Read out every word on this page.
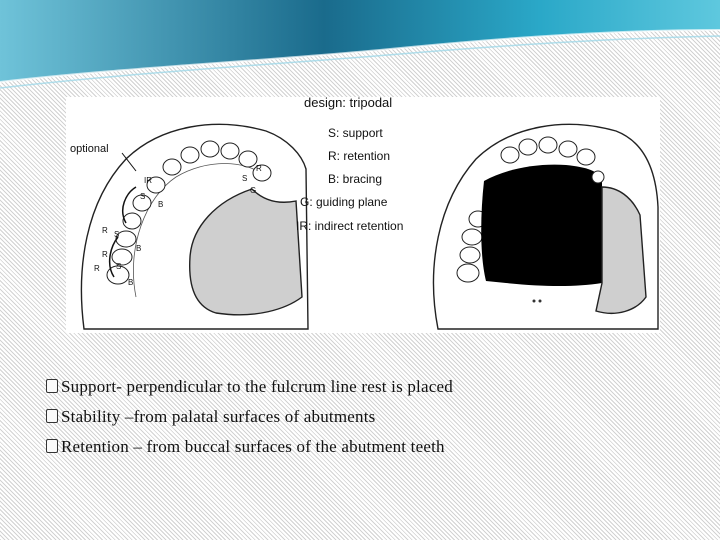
R
IR
S
B
R
G
S
R
S
B
R S
B
optional
design: tripodal
S: support
R: retention
B: bracing
G: guiding plane
IR: indirect retention
Support- perpendicular to the fulcrum line rest is placed
Stability –from palatal surfaces of abutments
Retention – from buccal surfaces of the abutment teeth
